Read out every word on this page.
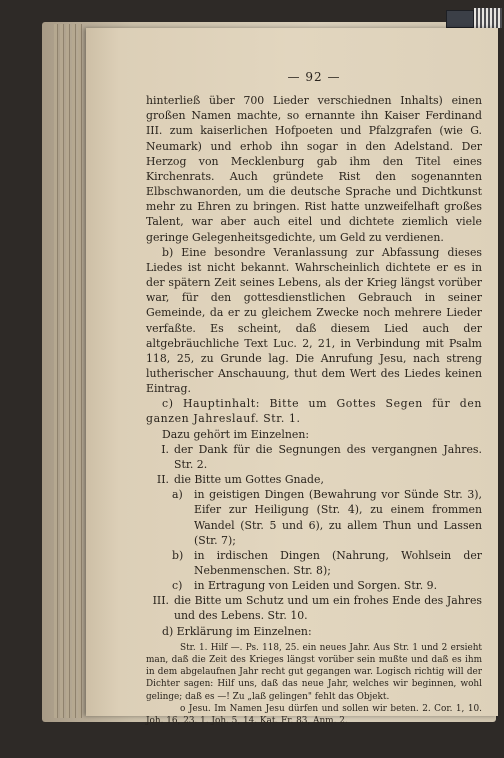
— 92 —

hinterließ über 700 Lieder verschiednen Inhalts) einen großen Namen machte, so ernannte ihn Kaiser Ferdinand III. zum kaiserlichen Hofpoeten und Pfalzgrafen (wie G. Neumark) und erhob ihn sogar in den Adelstand. Der Herzog von Mecklenburg gab ihm den Titel eines Kirchenrats. Auch gründete Rist den sogenannten Elbschwanorden, um die deutsche Sprache und Dichtkunst mehr zu Ehren zu bringen. Rist hatte unzweifelhaft großes Talent, war aber auch eitel und dichtete ziemlich viele geringe Gelegenheitsgedichte, um Geld zu verdienen.

b) Eine besondre Veranlassung zur Abfassung dieses Liedes ist nicht bekannt. Wahrscheinlich dichtete er es in der spätern Zeit seines Lebens, als der Krieg längst vorüber war, für den gottesdienstlichen Gebrauch in seiner Gemeinde, da er zu gleichem Zwecke noch mehrere Lieder verfaßte. Es scheint, daß diesem Lied auch der altgebräuchliche Text Luc. 2, 21, in Verbindung mit Psalm 118, 25, zu Grunde lag. Die Anrufung Jesu, nach streng lutherischer Anschauung, thut dem Wert des Liedes keinen Eintrag.

c) Hauptinhalt: Bitte um Gottes Segen für den ganzen Jahreslauf. Str. 1.

Dazu gehört im Einzelnen:

I. der Dank für die Segnungen des vergangnen Jahres. Str. 2.
II. die Bitte um Gottes Gnade,
a)	in geistigen Dingen (Bewahrung vor Sünde Str. 3), Eifer zur Heiligung (Str. 4), zu einem frommen Wandel (Str. 5 und 6), zu allem Thun und Lassen (Str. 7);
b) in irdischen Dingen (Nahrung, Wohlsein der Nebenmenschen. Str. 8);
c)	in Ertragung von Leiden und Sorgen. Str. 9.
III. die Bitte um Schutz und um ein frohes Ende des Jahres und des Lebens. Str. 10.

d) Erklärung im Einzelnen:

Str. 1. Hilf —. Ps. 118, 25. ein neues Jahr. Aus Str. 1 und 2 ersieht man, daß die Zeit des Krieges längst vorüber sein mußte und daß es ihm in dem abgelaufnen Jahr recht gut gegangen war. Logisch richtig will der Dichter sagen: Hilf uns, daß das neue Jahr, welches wir beginnen, wohl gelinge; daß es —! Zu „laß gelingen" fehlt das Objekt.

o Jesu. Im Namen Jesu dürfen und sollen wir beten. 2. Cor. 1, 10. Joh. 16, 23. 1. Joh. 5, 14. Kat. Fr. 83, Anm. 2.
